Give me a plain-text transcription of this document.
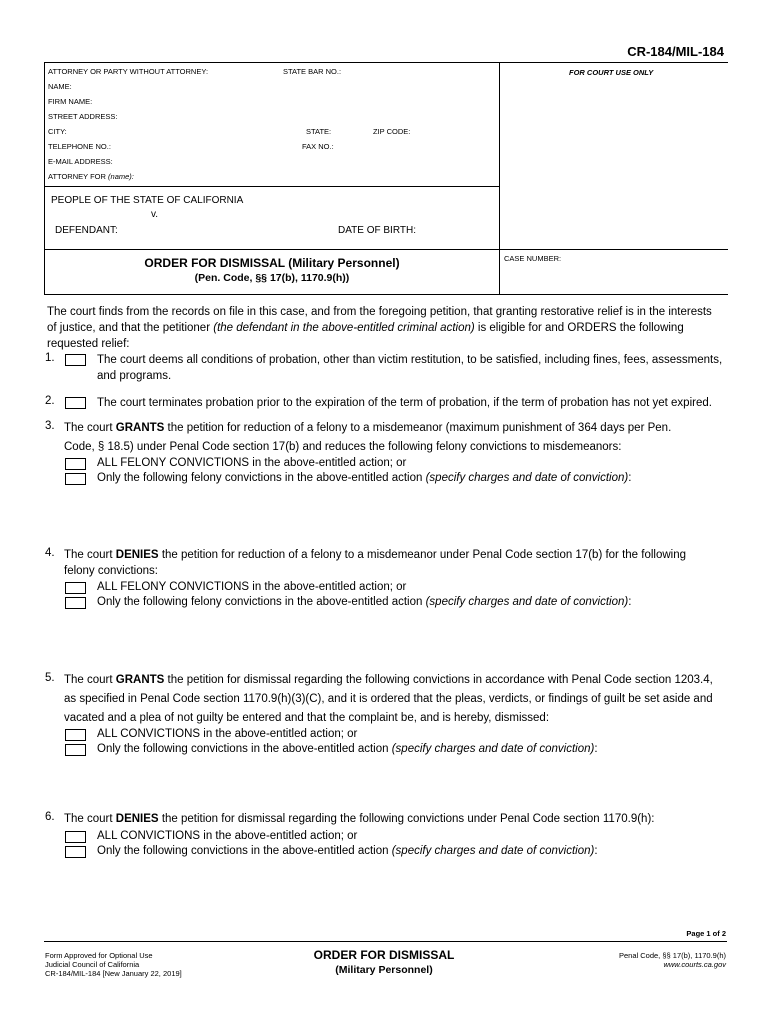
CR-184/MIL-184
ATTORNEY OR PARTY WITHOUT ATTORNEY:	STATE BAR NO.:	FOR COURT USE ONLY
NAME:
FIRM NAME:
STREET ADDRESS:
CITY:	STATE:	ZIP CODE:
TELEPHONE NO.:	FAX NO.:
E-MAIL ADDRESS:
ATTORNEY FOR (name):
PEOPLE OF THE STATE OF CALIFORNIA
v.
DEFENDANT:	DATE OF BIRTH:
ORDER FOR DISMISSAL (Military Personnel)
(Pen. Code, §§ 17(b), 1170.9(h))
CASE NUMBER:
The court finds from the records on file in this case, and from the foregoing petition, that granting restorative relief is in the interests of justice, and that the petitioner (the defendant in the above-entitled criminal action) is eligible for and ORDERS the following requested relief:
1.	The court deems all conditions of probation, other than victim restitution, to be satisfied, including fines, fees, assessments, and programs.
2.	The court terminates probation prior to the expiration of the term of probation, if the term of probation has not yet expired.
3. The court GRANTS the petition for reduction of a felony to a misdemeanor (maximum punishment of 364 days per Pen. Code, § 18.5) under Penal Code section 17(b) and reduces the following felony convictions to misdemeanors:
ALL FELONY CONVICTIONS in the above-entitled action; or
Only the following felony convictions in the above-entitled action (specify charges and date of conviction):
4. The court DENIES the petition for reduction of a felony to a misdemeanor under Penal Code section 17(b) for the following felony convictions:
ALL FELONY CONVICTIONS in the above-entitled action; or
Only the following felony convictions in the above-entitled action (specify charges and date of conviction):
5. The court GRANTS the petition for dismissal regarding the following convictions in accordance with Penal Code section 1203.4, as specified in Penal Code section 1170.9(h)(3)(C), and it is ordered that the pleas, verdicts, or findings of guilt be set aside and vacated and a plea of not guilty be entered and that the complaint be, and is hereby, dismissed:
ALL CONVICTIONS in the above-entitled action; or
Only the following convictions in the above-entitled action (specify charges and date of conviction):
6. The court DENIES the petition for dismissal regarding the following convictions under Penal Code section 1170.9(h):
ALL CONVICTIONS in the above-entitled action; or
Only the following convictions in the above-entitled action (specify charges and date of conviction):
Page 1 of 2
Form Approved for Optional Use
Judicial Council of California
CR-184/MIL-184 [New January 22, 2019]
ORDER FOR DISMISSAL
(Military Personnel)
Penal Code, §§ 17(b), 1170.9(h)
www.courts.ca.gov
